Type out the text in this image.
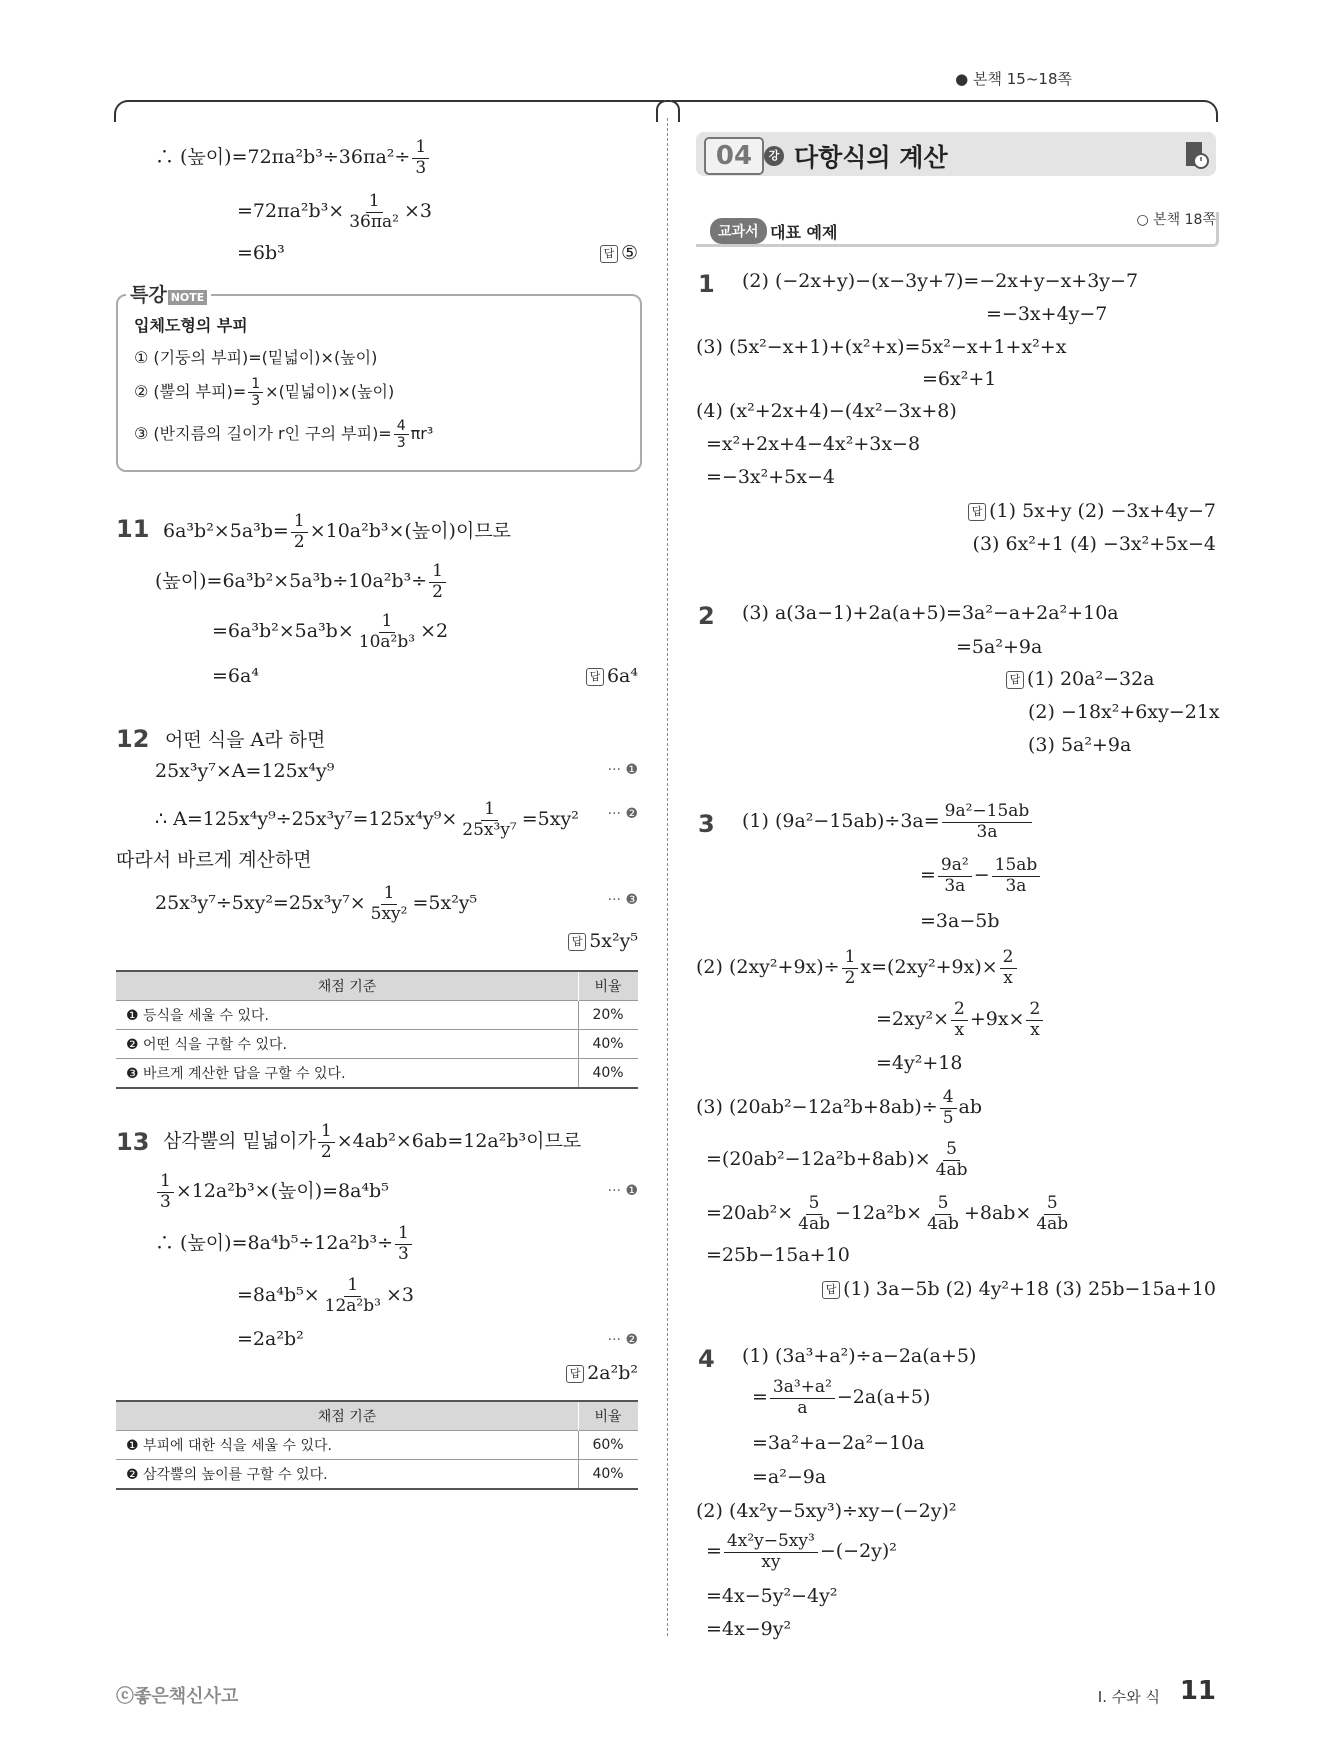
● 본책 15~18쪽
∴ (높이)$=72\pi a^2b^3\div 36\pi a^2\div \frac{1}{3}$
$=72\pi a^2b^3\times \frac{1}{\text{36πa²}} \times 3$
=6b³	답 ⑤
특강 NOTE
입체도형의 부피
① (기둥의 부피)=(밑넓이)×(높이)
② (뿔의 부피)= $\frac{1}{3}$ ×(밑넓이)×(높이)
③ (반지름의 길이가 r인 구의 부피)= $\frac{4}{3} \pi r^3$
11 $6a^3b^2\times 5a^3b= \frac{1}{2} \times 10a^2b^3\times$(높이)이므로
(높이)$=6a^3b^2\times 5a^3b\div 10a^2b^3\div \frac{1}{2}$
$=6a^3b^2\times 5a^3b\times \frac{1}{\text{10a²b³}} \times 2$
=6a⁴	답 6a⁴
12 어떤 식을 A라 하면
25x³y⁷×A=125x⁴y⁹	··· ❶
∴ $A=125x^4y^9\div 25x^3y^7=125x^4y^9\times \frac{1}{\text{25x³y⁷}} =5xy^2$ ··· ❷
따라서 바르게 계산하면
$25x^3y^7\div 5xy^2=25x^3y^7\times \frac{1}{\text{5xy²}} =5x^2y^5$	··· ❸
답 5x²y⁵
채점 기준	비율
❶ 등식을 세울 수 있다.	20%
❷ 어떤 식을 구할 수 있다.	40%
❸ 바르게 계산한 답을 구할 수 있다.	40%
13 삼각뿔의 밑넓이가 $\frac{1}{2} \times 4ab^2\times 6ab=12a^2b^3$이므로
$\frac{1}{3} \times 12a^2b^3\times$(높이)=8a⁴b⁵	··· ❶
∴ (높이)$=8a^4b^5\div 12a^2b^3\div \frac{1}{3}$
$=8a^4b^5\times \frac{1}{\text{12a²b³}} \times 3$
=2a²b²	··· ❷
답 2a²b²
채점 기준	비율
❶ 부피에 대한 식을 세울 수 있다.	60%
❷ 삼각뿔의 높이를 구할 수 있다.	40%
04	강 다항식의 계산
교과서 대표 예제
○ 본책 18쪽
1 (2) (−2x+y)−(x−3y+7)=−2x+y−x+3y−7
=−3x+4y−7
(3) (5x²−x+1)+(x²+x)=5x²−x+1+x²+x
=6x²+1
(4) (x²+2x+4)−(4x²−3x+8)
=x²+2x+4−4x²+3x−8
=−3x²+5x−4
답 (1) 5x+y (2) −3x+4y−7
(3) 6x²+1 (4) −3x²+5x−4
2 (3) a(3a−1)+2a(a+5)=3a²−a+2a²+10a
=5a²+9a
답 (1) 20a²−32a
(2) −18x²+6xy−21x
(3) 5a²+9a
3 (1) $(9a^2-15ab)\div 3a= \frac{\text{9a²−15ab}}{3a}$
= $\frac{\text{9a²}}{3a} - \frac{15ab}{3a}$
=3a−5b
(2) $(2xy^2+9x)\div \frac{1}{2} x=(2xy^2+9x)\times \frac{2}{x}$
$=2xy^2\times \frac{2}{x} +9x\times \frac{2}{x}$
=4y²+18
(3) $(20ab^2-12a^2b+8ab)\div \frac{4}{5}$ ab
$=(20ab^2-12a^2b+8ab)\times \frac{5}{4ab}$
$=20ab^2\times \frac{5}{4ab} -12a^2b\times \frac{5}{4ab} +8ab\times \frac{5}{4ab}$
=25b−15a+10
답 (1) 3a−5b (2) 4y²+18 (3) 25b−15a+10
4 (1) (3a³+a²)÷a−2a(a+5)
= $\frac{\text{3a³+a²}}{a} -2a(a+5)$
=3a²+a−2a²−10a
=a²−9a
(2) (4x²y−5xy³)÷xy−(−2y)²
= $\frac{\text{4x²y−5xy³}}{xy} -(-2y)^2$
=4x−5y²−4y²
=4x−9y²
ⓒ좋은책신사고	I. 수와 식 11
